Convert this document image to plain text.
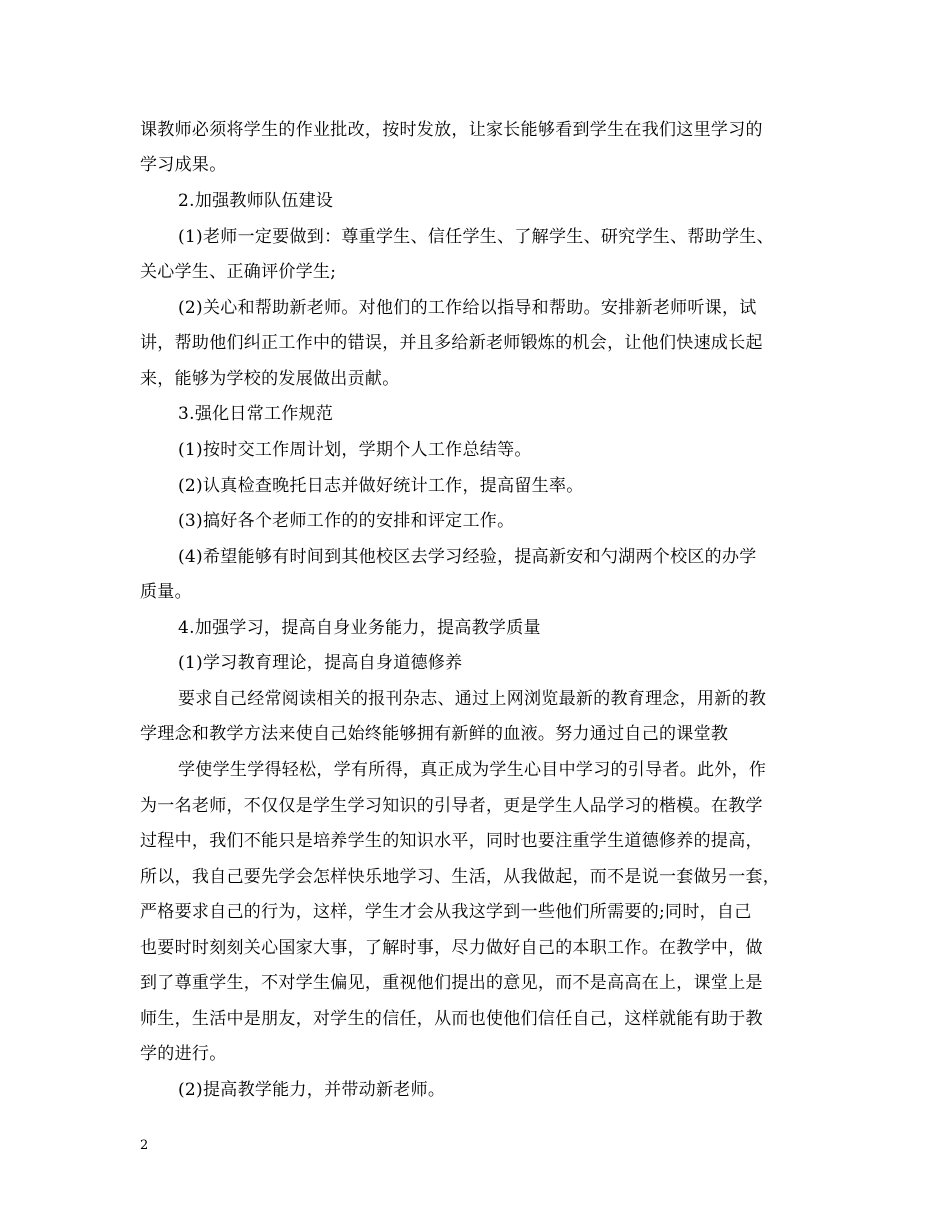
课教师必须将学生的作业批改，按时发放，让家长能够看到学生在我们这里学习的
学习成果。
2.加强教师队伍建设
(1)老师一定要做到：尊重学生、信任学生、了解学生、研究学生、帮助学生、
关心学生、正确评价学生;
(2)关心和帮助新老师。对他们的工作给以指导和帮助。安排新老师听课，试
讲，帮助他们纠正工作中的错误，并且多给新老师锻炼的机会，让他们快速成长起
来，能够为学校的发展做出贡献。
3.强化日常工作规范
(1)按时交工作周计划，学期个人工作总结等。
(2)认真检查晚托日志并做好统计工作，提高留生率。
(3)搞好各个老师工作的的安排和评定工作。
(4)希望能够有时间到其他校区去学习经验，提高新安和勺湖两个校区的办学
质量。
4.加强学习，提高自身业务能力，提高教学质量
(1)学习教育理论，提高自身道德修养
要求自己经常阅读相关的报刊杂志、通过上网浏览最新的教育理念，用新的教
学理念和教学方法来使自己始终能够拥有新鲜的血液。努力通过自己的课堂教
学使学生学得轻松，学有所得，真正成为学生心目中学习的引导者。此外，作
为一名老师，不仅仅是学生学习知识的引导者，更是学生人品学习的楷模。在教学
过程中，我们不能只是培养学生的知识水平，同时也要注重学生道德修养的提高，
所以，我自己要先学会怎样快乐地学习、生活，从我做起，而不是说一套做另一套，
严格要求自己的行为，这样，学生才会从我这学到一些他们所需要的;同时，自己
也要时时刻刻关心国家大事，了解时事，尽力做好自己的本职工作。在教学中，做
到了尊重学生，不对学生偏见，重视他们提出的意见，而不是高高在上，课堂上是
师生，生活中是朋友，对学生的信任，从而也使他们信任自己，这样就能有助于教
学的进行。
(2)提高教学能力，并带动新老师。
2
